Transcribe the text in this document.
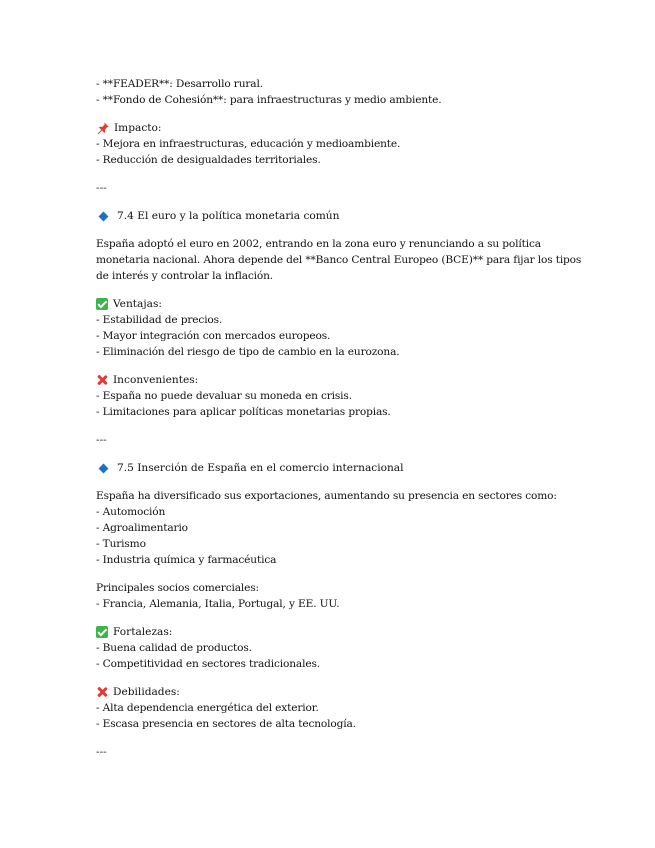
- **FEADER**: Desarrollo rural.
- **Fondo de Cohesión**: para infraestructuras y medio ambiente.
Impacto:
- Mejora en infraestructuras, educación y medioambiente.
- Reducción de desigualdades territoriales.
---
7.4 El euro y la política monetaria común
España adoptó el euro en 2002, entrando en la zona euro y renunciando a su política
monetaria nacional. Ahora depende del **Banco Central Europeo (BCE)** para fijar los tipos
de interés y controlar la inflación.
Ventajas:
- Estabilidad de precios.
- Mayor integración con mercados europeos.
- Eliminación del riesgo de tipo de cambio en la eurozona.
Inconvenientes:
- España no puede devaluar su moneda en crisis.
- Limitaciones para aplicar políticas monetarias propias.
---
7.5 Inserción de España en el comercio internacional
España ha diversificado sus exportaciones, aumentando su presencia en sectores como:
- Automoción
- Agroalimentario
- Turismo
- Industria química y farmacéutica
Principales socios comerciales:
- Francia, Alemania, Italia, Portugal, y EE. UU.
Fortalezas:
- Buena calidad de productos.
- Competitividad en sectores tradicionales.
Debilidades:
- Alta dependencia energética del exterior.
- Escasa presencia en sectores de alta tecnología.
---
